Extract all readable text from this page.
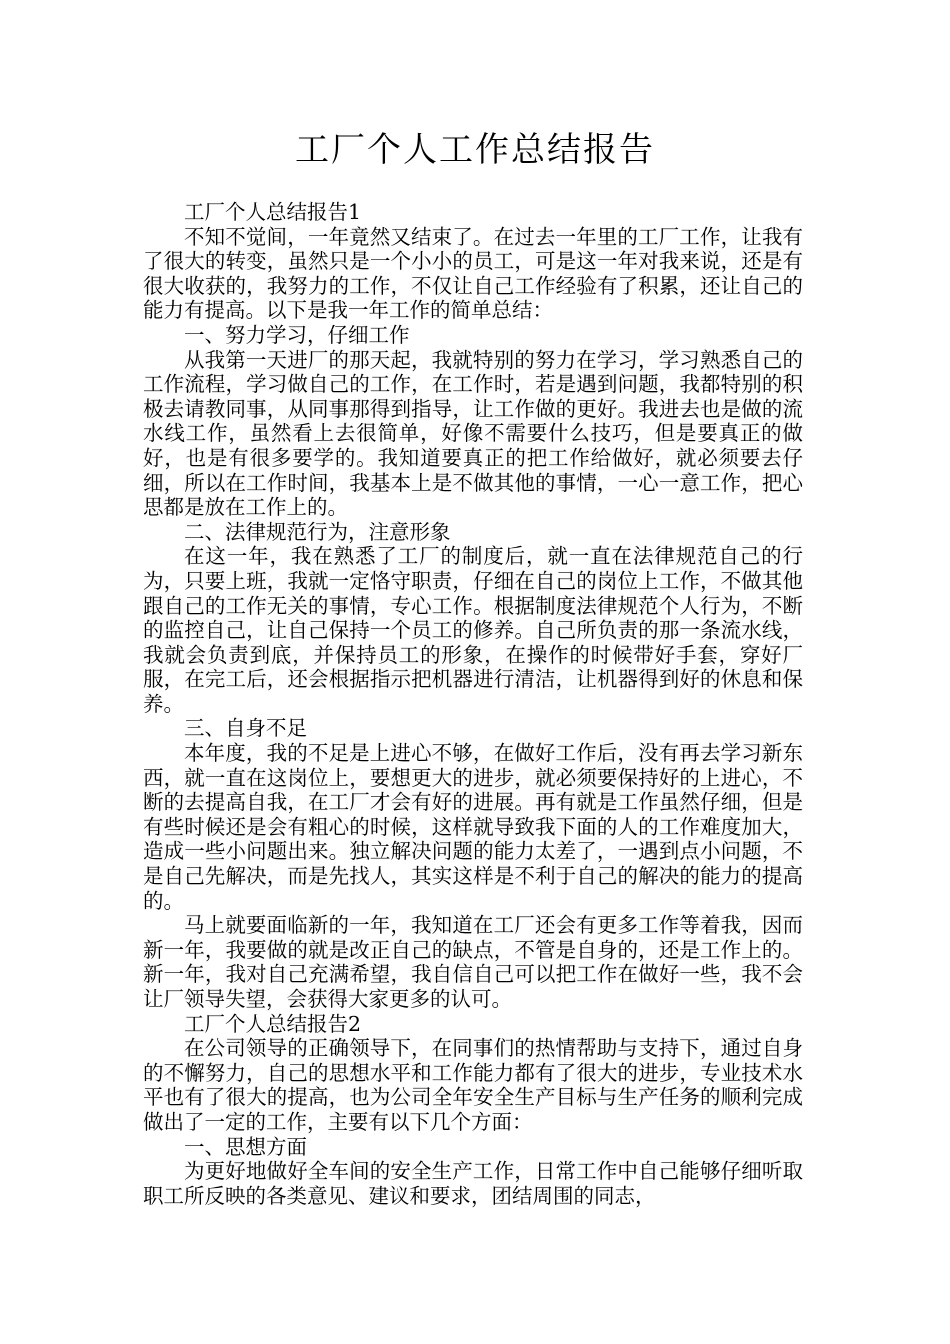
工厂个人工作总结报告

工厂个人总结报告1

不知不觉间，一年竟然又结束了。在过去一年里的工厂工作，让我有了很大的转变，虽然只是一个小小的员工，可是这一年对我来说，还是有很大收获的，我努力的工作，不仅让自己工作经验有了积累，还让自己的能力有提高。以下是我一年工作的简单总结：

一、努力学习，仔细工作

从我第一天进厂的那天起，我就特别的努力在学习，学习熟悉自己的工作流程，学习做自己的工作，在工作时，若是遇到问题，我都特别的积极去请教同事，从同事那得到指导，让工作做的更好。我进去也是做的流水线工作，虽然看上去很简单，好像不需要什么技巧，但是要真正的做好，也是有很多要学的。我知道要真正的把工作给做好，就必须要去仔细，所以在工作时间，我基本上是不做其他的事情，一心一意工作，把心思都是放在工作上的。

二、法律规范行为，注意形象

在这一年，我在熟悉了工厂的制度后，就一直在法律规范自己的行为，只要上班，我就一定恪守职责，仔细在自己的岗位上工作，不做其他跟自己的工作无关的事情，专心工作。根据制度法律规范个人行为，不断的监控自己，让自己保持一个员工的修养。自己所负责的那一条流水线，我就会负责到底，并保持员工的形象，在操作的时候带好手套，穿好厂服，在完工后，还会根据指示把机器进行清洁，让机器得到好的休息和保养。

三、自身不足

本年度，我的不足是上进心不够，在做好工作后，没有再去学习新东西，就一直在这岗位上，要想更大的进步，就必须要保持好的上进心，不断的去提高自我，在工厂才会有好的进展。再有就是工作虽然仔细，但是有些时候还是会有粗心的时候，这样就导致我下面的人的工作难度加大，造成一些小问题出来。独立解决问题的能力太差了，一遇到点小问题，不是自己先解决，而是先找人，其实这样是不利于自己的解决的能力的提高的。

马上就要面临新的一年，我知道在工厂还会有更多工作等着我，因而新一年，我要做的就是改正自己的缺点，不管是自身的，还是工作上的。新一年，我对自己充满希望，我自信自己可以把工作在做好一些，我不会让厂领导失望，会获得大家更多的认可。

工厂个人总结报告2

在公司领导的正确领导下，在同事们的热情帮助与支持下，通过自身的不懈努力，自己的思想水平和工作能力都有了很大的进步，专业技术水平也有了很大的提高，也为公司全年安全生产目标与生产任务的顺利完成做出了一定的工作，主要有以下几个方面：

一、思想方面

为更好地做好全车间的安全生产工作，日常工作中自己能够仔细听取职工所反映的各类意见、建议和要求，团结周围的同志，
